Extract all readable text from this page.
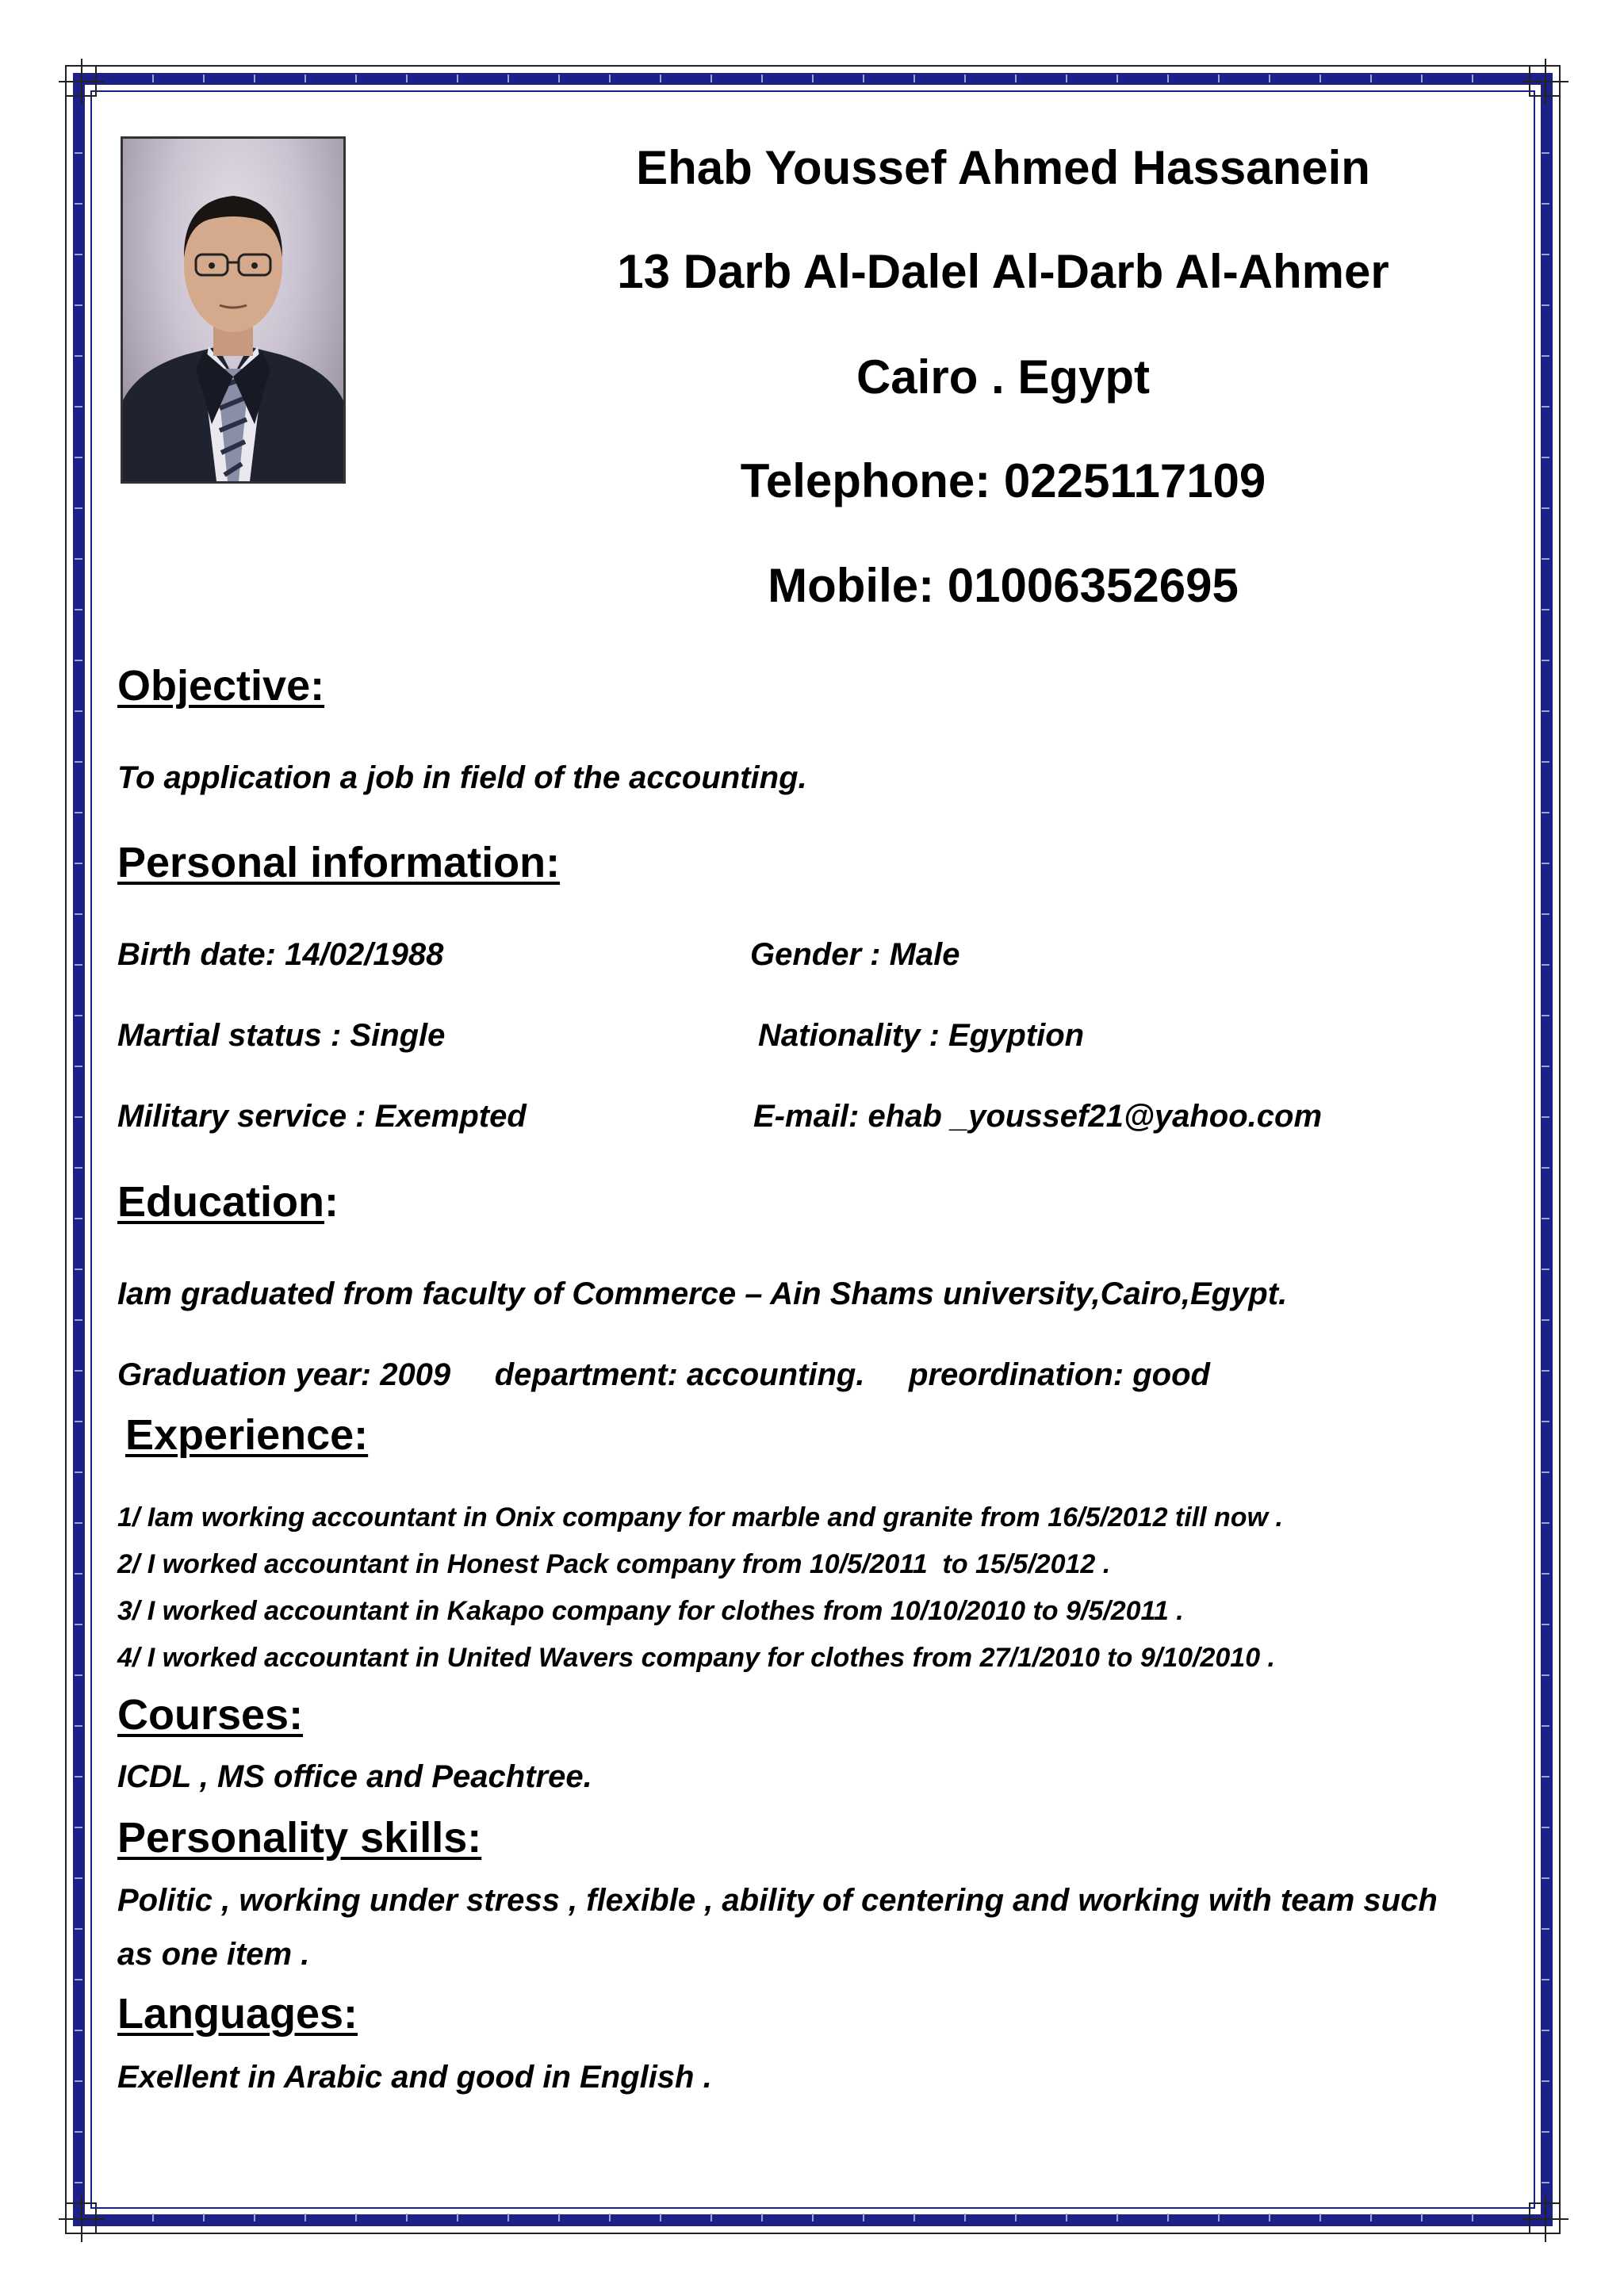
Ehab Youssef Ahmed Hassanein
13 Darb Al-Dalel Al-Darb Al-Ahmer
Cairo . Egypt
Telephone: 0225117109
Mobile: 01006352695
Objective:
To application a job in field of the accounting.
Personal information:
Birth date: 14/02/1988	Gender : Male
Martial status : Single	Nationality : Egyption
Military service : Exempted	E-mail: ehab _youssef21@yahoo.com
Education:
Iam graduated from faculty of Commerce – Ain Shams university,Cairo,Egypt.
Graduation year: 2009     department: accounting.     preordination: good
Experience:
1/ Iam working accountant in Onix company for marble and granite from 16/5/2012 till now .
2/ I worked accountant in Honest Pack company from 10/5/2011  to 15/5/2012 .
3/ I worked accountant in Kakapo company for clothes from 10/10/2010 to 9/5/2011 .
4/ I worked accountant in United Wavers company for clothes from 27/1/2010 to 9/10/2010 .
Courses:
ICDL , MS office and Peachtree.
Personality skills:
Politic , working under stress , flexible , ability of centering and working with team such
as one item .
Languages:
Exellent in Arabic and good in English .
